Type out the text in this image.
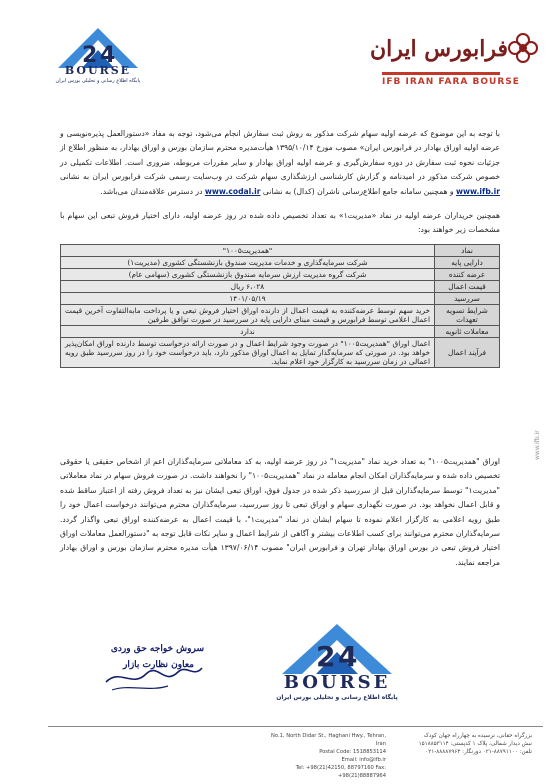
2 4
BOURSE
پایگاه اطلاع رسانی و تحلیلی بورس ایران
فرابورس ایران
IFB IRAN FARA BOURSE
با توجه به این موضوع که عرضه اولیه سهام شرکت مذکور به روش ثبت سفارش انجام می‌شود، توجه به مفاد «دستورالعمل پذیره‌نویسی و عرضه اولیه اوراق بهادار در فرابورس ایران» مصوب مورخ ۱۳۹۵/۱۰/۱۴ هیأت‌مدیره محترم سازمان بورس و اوراق بهادار، به منظور اطلاع از جزئیات نحوه ثبت سفارش در دوره سفارش‌گیری و عرضه اولیه اوراق بهادار و سایر مقررات مربوطه، ضروری است. اطلاعات تکمیلی در خصوص شرکت مذکور در امیدنامه و گزارش کارشناسی ارزشگذاری سهام شرکت در وب‌سایت رسمی شرکت فرابورس ایران به نشانی www.ifb.ir و همچنین سامانه جامع اطلاع‌رسانی ناشران (کدال) به نشانی www.codal.ir در دسترس علاقه‌مندان می‌باشد.
همچنین خریداران عرضه اولیه در نماد «مدیریت۱» به تعداد تخصیص داده شده در روز عرضه اولیه، دارای اختیار فروش تبعی این سهام با مشخصات زیر خواهند بود:
نماد	"همدیریت۱۰۰۵"
دارایی پایه	شرکت سرمایه‌گذاری و خدمات مدیریت صندوق بازنشستگی کشوری (مدیریت۱)
عرضه کننده	شرکت گروه مدیریت ارزش سرمایه صندوق بازنشستگی کشوری (سهامی عام)
قیمت اعمال	۶،۰۲۸ ریال
سررسید	۱۴۰۱/۰۵/۱۹
شرایط تسویه تعهدات	خرید سهم توسط عرضه‌کننده به قیمت اعمال از دارنده اوراق اختیار فروش تبعی و یا پرداخت مابه‌التفاوت آخرین قیمت اعمال اعلامی توسط فرابورس و قیمت مبنای دارایی پایه در سررسید در صورت توافق طرفین
معاملات ثانویه	ندارد
فرآیند اعمال	اعمال اوراق "همدیریت۱۰۰۵" در صورت وجود شرایط اعمال و در صورت ارائه درخواست توسط دارنده اوراق امکان‌پذیر خواهد بود. در صورتی که سرمایه‌گذار تمایل به اعمال اوراق مذکور دارد، باید درخواست خود را در روز سررسید طبق رویه اعمالی در زمان سررسید به کارگزار خود اعلام نماید.
اوراق "همدیریت۱۰۰۵" به تعداد خرید نماد "مدیریت۱" در روز عرضه اولیه، به کد معاملاتی سرمایه‌گذاران اعم از اشخاص حقیقی یا حقوقی تخصیص داده شده و سرمایه‌گذاران امکان انجام معامله در نماد "همدیریت۱۰۰۵" را نخواهند داشت. در صورت فروش سهام در نماد معاملاتی "مدیریت۱" توسط سرمایه‌گذاران قبل از سررسید ذکر شده در جدول فوق، اوراق تبعی ایشان نیز به تعداد فروش رفته از اعتبار ساقط شده و قابل اعمال نخواهد بود. در صورت نگهداری سهام و اوراق تبعی تا روز سررسید، سرمایه‌گذاران محترم می‌توانند درخواست اعمال خود را طبق رویه اعلامی به کارگزار اعلام نموده تا سهام ایشان در نماد "مدیریت۱"، با قیمت اعمال به عرضه‌کننده اوراق تبعی واگذار گردد. سرمایه‌گذاران محترم می‌توانند برای کسب اطلاعات بیشتر و آگاهی از شرایط اعمال و سایر نکات قابل توجه به "دستورالعمل معاملات اوراق اختیار فروش تبعی در بورس اوراق بهادار تهران و فرابورس ایران" مصوب ۱۳۹۷/۰۶/۱۴ هیأت مدیره محترم سازمان بورس و اوراق بهادار مراجعه نمایند.
سروش خواجه حق وردی
معاون نظارت بازار	2 4
BOURSE
پایگاه اطلاع رسانی و تحلیلی بورس ایران
بزرگراه حقانی، نرسیده به چهارراه جهان کودک
نبش دیدار شمالی، پلاک ۱ کدپستی: ۱۵۱۸۸۵۳۱۱۴
تلفن: ۸۸۷۹۱۱۰۰-۰۲۱ دورنگار: ۸۸۸۸۷۹۶۴-۰۲۱
No.1, North Didar St., Haghani Hwy., Tehran, Iran
Postal Code: 1518853114
Email: info@ifb.ir
Tel: +98(21)42150, 88797160 Fax: +98(21)88887964
www.ifb.ir
